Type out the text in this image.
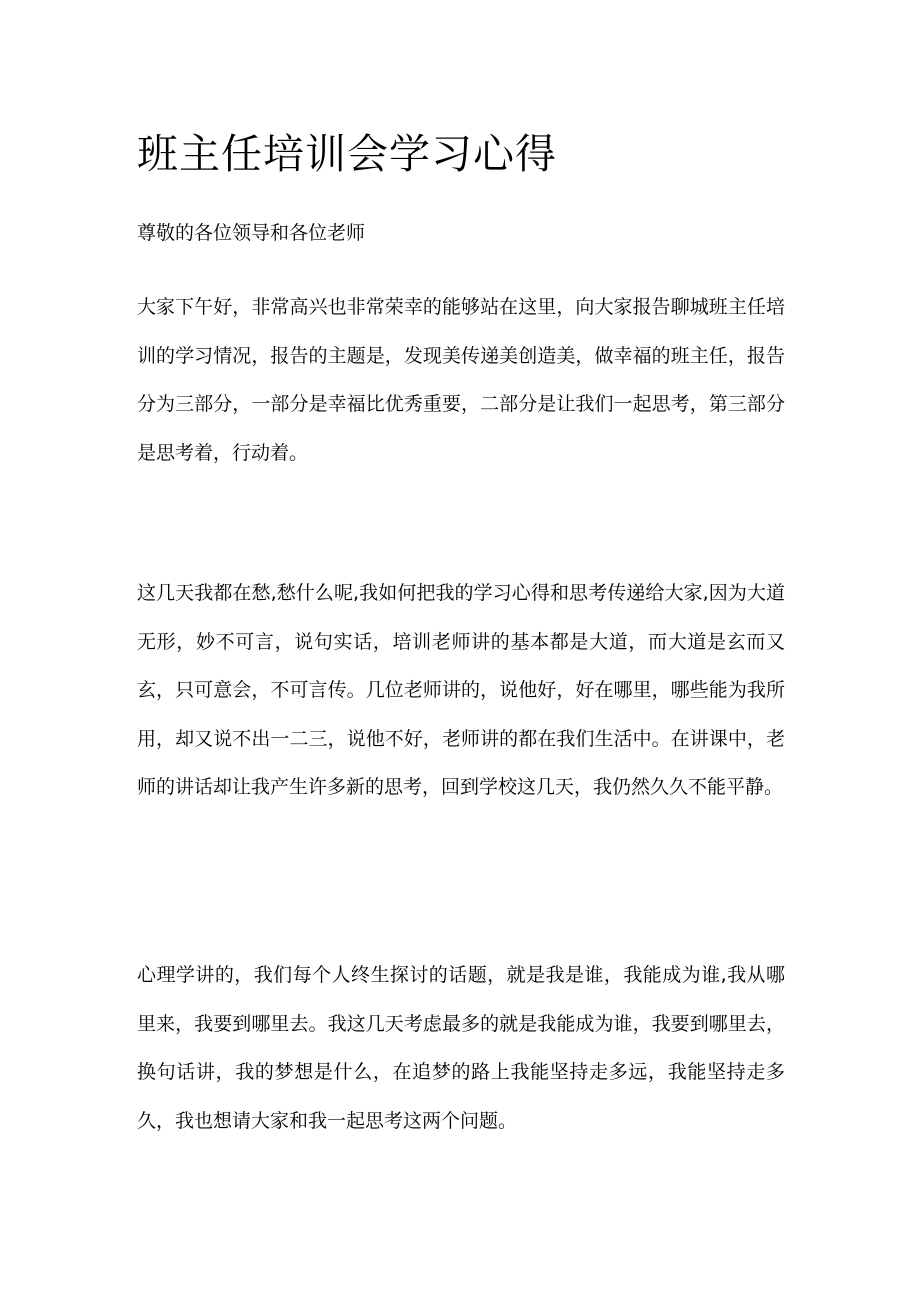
班主任培训会学习心得

尊敬的各位领导和各位老师

大家下午好，非常高兴也非常荣幸的能够站在这里，向大家报告聊城班主任培训的学习情况，报告的主题是，发现美传递美创造美，做幸福的班主任，报告分为三部分，一部分是幸福比优秀重要，二部分是让我们一起思考，第三部分是思考着，行动着。

这几天我都在愁,愁什么呢,我如何把我的学习心得和思考传递给大家,因为大道无形，妙不可言，说句实话，培训老师讲的基本都是大道，而大道是玄而又玄，只可意会，不可言传。几位老师讲的，说他好，好在哪里，哪些能为我所用，却又说不出一二三，说他不好，老师讲的都在我们生活中。在讲课中，老师的讲话却让我产生许多新的思考，回到学校这几天，我仍然久久不能平静。

心理学讲的，我们每个人终生探讨的话题，就是我是谁，我能成为谁,我从哪里来，我要到哪里去。我这几天考虑最多的就是我能成为谁，我要到哪里去，换句话讲，我的梦想是什么，在追梦的路上我能坚持走多远，我能坚持走多久，我也想请大家和我一起思考这两个问题。
